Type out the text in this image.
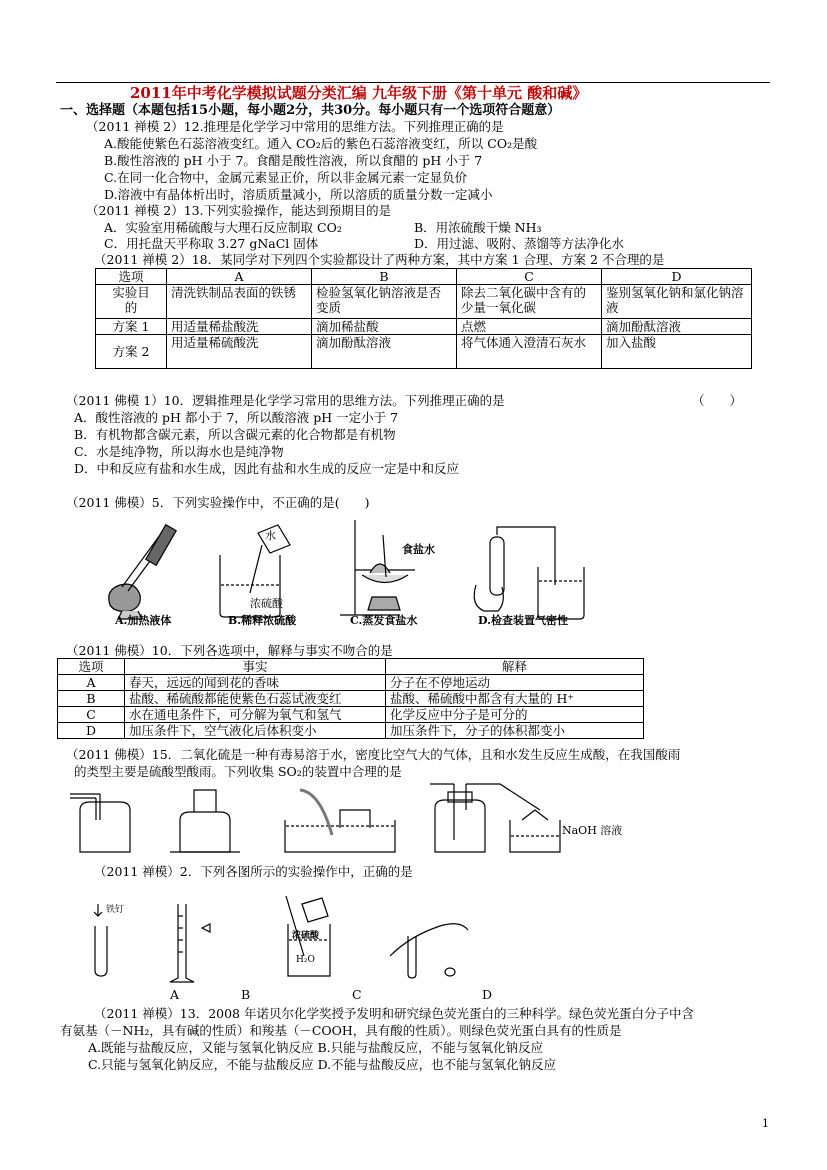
2011年中考化学模拟试题分类汇编 九年级下册《第十单元 酸和碱》
一、选择题（本题包括15小题，每小题2分，共30分。每小题只有一个选项符合题意）
（2011 禅模 2）12.推理是化学学习中常用的思维方法。下列推理正确的是
A.酸能使紫色石蕊溶液变红。通入 CO₂后的紫色石蕊溶液变红，所以 CO₂是酸
B.酸性溶液的 pH 小于 7。食醋是酸性溶液，所以食醋的 pH 小于 7
C.在同一化合物中，金属元素显正价，所以非金属元素一定显负价
D.溶液中有晶体析出时，溶质质量减小，所以溶质的质量分数一定减小
（2011 禅模 2）13.下列实验操作，能达到预期目的是
A．实验室用稀硫酸与大理石反应制取 CO₂	B．用浓硫酸干燥 NH₃
C．用托盘天平称取 3.27 gNaCl 固体	D．用过滤、吸附、蒸馏等方法净化水
（2011 禅模 2）18．某同学对下列四个实验都设计了两种方案，其中方案 1 合理、方案 2 不合理的是
选项	A	B	C	D
实验目的	清洗铁制品表面的铁锈	检验氢氧化钠溶液是否变质	除去二氧化碳中含有的少量一氧化碳	鉴别氢氧化钠和氯化钠溶液
方案 1	用适量稀盐酸洗	滴加稀盐酸	点燃	滴加酚酞溶液
方案 2	用适量稀硫酸洗	滴加酚酞溶液	将气体通入澄清石灰水	加入盐酸
（2011 佛模 1）10．逻辑推理是化学学习常用的思维方法。下列推理正确的是	（　　）
A．酸性溶液的 pH 都小于 7，所以酸溶液 pH 一定小于 7
B．有机物都含碳元素，所以含碳元素的化合物都是有机物
C．水是纯净物，所以海水也是纯净物
D．中和反应有盐和水生成，因此有盐和水生成的反应一定是中和反应
（2011 佛模）5．下列实验操作中，不正确的是(　　)
水
浓硫酸
食盐水
A.加热液体	B.稀释浓硫酸	C.蒸发食盐水	D.检查装置气密性
（2011 佛模）10．下列各选项中，解释与事实不吻合的是
选项	事实	解释
A	春天，远远的闻到花的香味	分子在不停地运动
B	盐酸、稀硫酸都能使紫色石蕊试液变红	盐酸、稀硫酸中都含有大量的 H⁺
C	水在通电条件下，可分解为氧气和氢气	化学反应中分子是可分的
D	加压条件下，空气液化后体积变小	加压条件下，分子的体积都变小
（2011 佛模）15．二氧化硫是一种有毒易溶于水，密度比空气大的气体，且和水发生反应生成酸，在我国酸雨
的类型主要是硫酸型酸雨。下列收集 SO₂的装置中合理的是
NaOH 溶液
（2011 禅模）2．下列各图所示的实验操作中，正确的是
铁钉
浓硫酸
H₂O
A	B	C	D
（2011 禅模）13．2008 年诺贝尔化学奖授予发明和研究绿色荧光蛋白的三种科学。绿色荧光蛋白分子中含
有氨基（－NH₂，具有碱的性质）和羧基（－COOH，具有酸的性质）。则绿色荧光蛋白具有的性质是
A.既能与盐酸反应，又能与氢氧化钠反应 B.只能与盐酸反应，不能与氢氧化钠反应
C.只能与氢氧化钠反应，不能与盐酸反应 D.不能与盐酸反应，也不能与氢氧化钠反应
1
